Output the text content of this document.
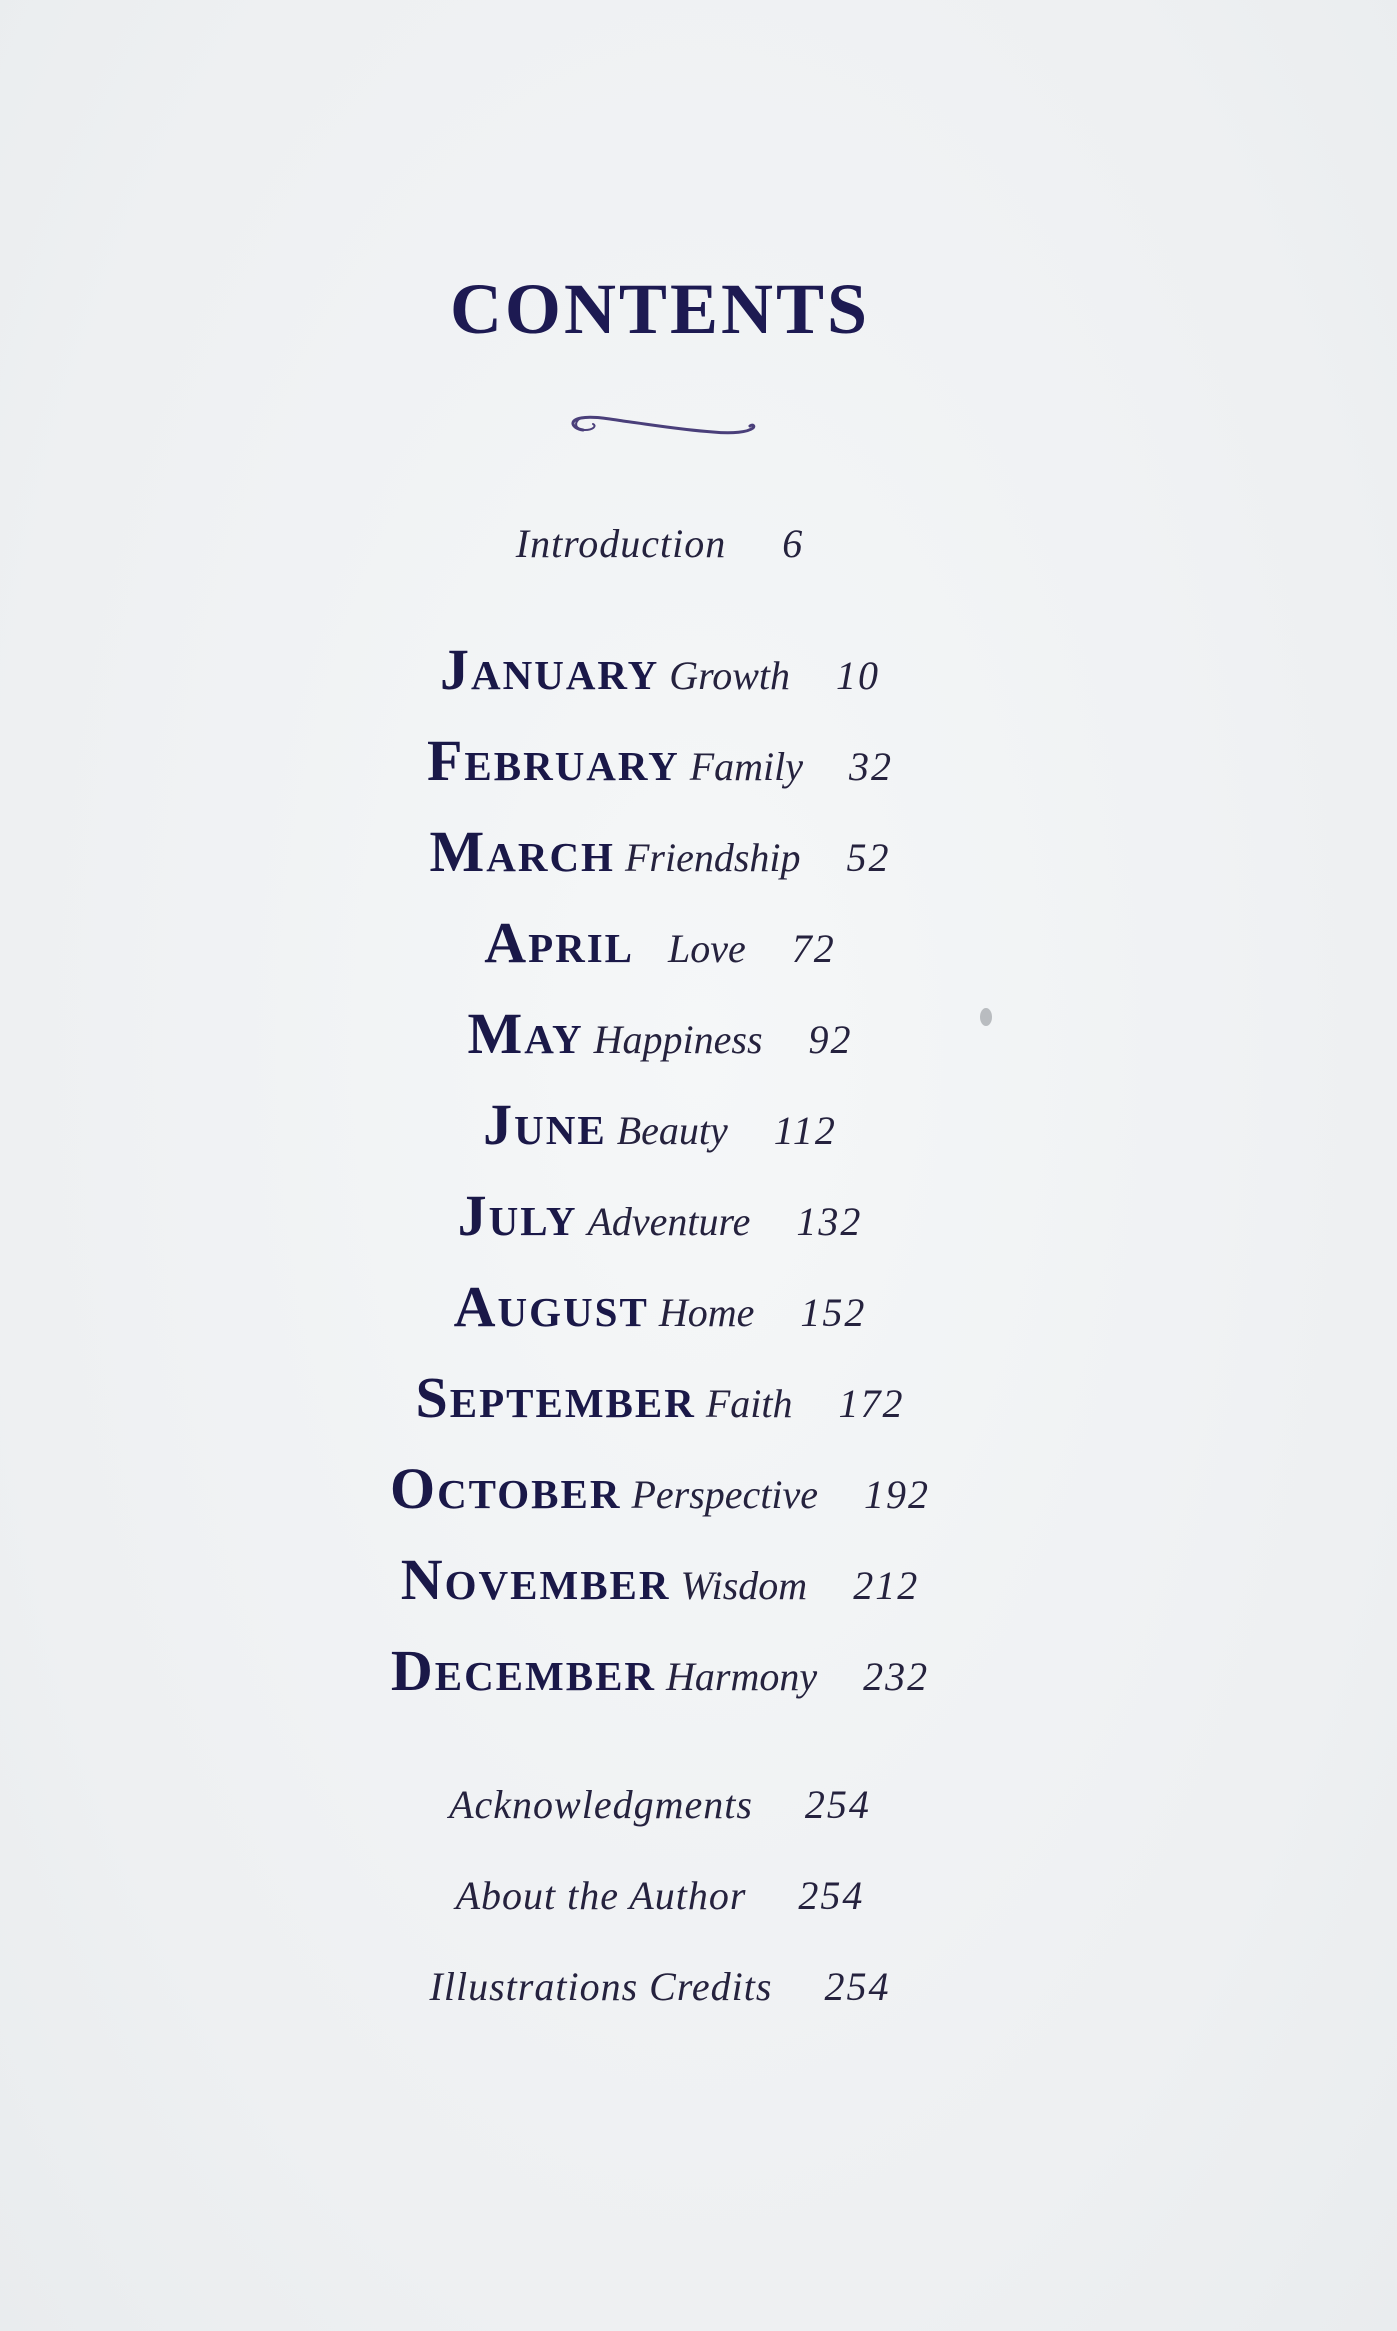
CONTENTS
Introduction 6
January Growth 10
February Family 32
March Friendship 52
April Love 72
May Happiness 92
June Beauty 112
July Adventure 132
August Home 152
September Faith 172
October Perspective 192
November Wisdom 212
December Harmony 232
Acknowledgments 254
About the Author 254
Illustrations Credits 254
